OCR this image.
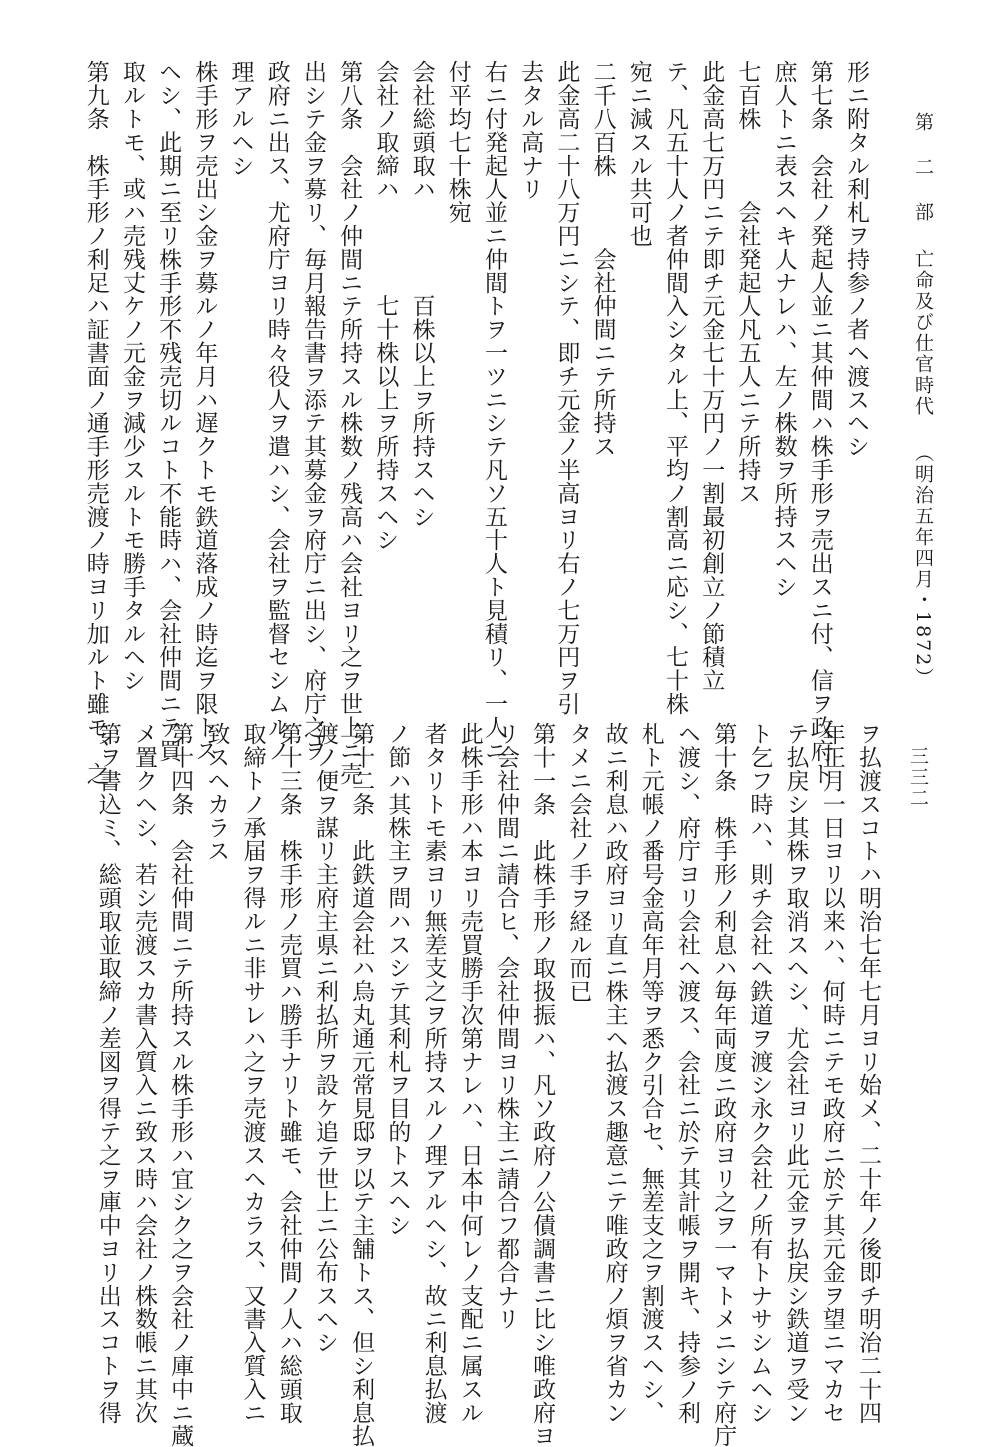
第 二 部亡命及び仕官時代（明治五年四月・1872）
三三二
形ニ附タル利札ヲ持参ノ者ヘ渡スヘシ
第七条　会社ノ発起人並ニ其仲間ハ株手形ヲ売出スニ付、信ヲ政府ト
庶人トニ表スヘキ人ナレハ、左ノ株数ヲ所持スヘシ
七百株　　　会社発起人凡五人ニテ所持ス
此金高七万円ニテ即チ元金七十万円ノ一割最初創立ノ節積立
テ、凡五十人ノ者仲間入シタル上、平均ノ割高ニ応シ、七十株
宛ニ減スル共可也
二千八百株　　　会社仲間ニテ所持ス
此金高二十八万円ニシテ、即チ元金ノ半高ヨリ右ノ七万円ヲ引
去タル高ナリ
右ニ付発起人並ニ仲間トヲ一ツニシテ凡ソ五十人ト見積リ、一人ニ
付平均七十株宛
会社総頭取ハ　　　　百株以上ヲ所持スヘシ
会社ノ取締ハ　　　　七十株以上ヲ所持スヘシ
第八条　会社ノ仲間ニテ所持スル株数ノ残高ハ会社ヨリ之ヲ世上ニ売
出シテ金ヲ募リ、毎月報告書ヲ添テ其募金ヲ府庁ニ出シ、府庁之ヲ
政府ニ出ス、尤府庁ヨリ時々役人ヲ遣ハシ、会社ヲ監督セシムルノ
理アルヘシ
株手形ヲ売出シ金ヲ募ルノ年月ハ遅クトモ鉄道落成ノ時迄ヲ限トス
ヘシ、此期ニ至リ株手形不残売切ルコト不能時ハ、会社仲間ニテ買
取ルトモ、或ハ売残丈ケノ元金ヲ減少スルトモ勝手タルヘシ
第九条　株手形ノ利足ハ証書面ノ通手形売渡ノ時ヨリ加ルト雖モ、之
ヲ払渡スコトハ明治七年七月ヨリ始メ、二十年ノ後即チ明治二十四
年正月一日ヨリ以来ハ、何時ニテモ政府ニ於テ其元金ヲ望ニマカセ
テ払戻シ其株ヲ取消スヘシ、尤会社ヨリ此元金ヲ払戻シ鉄道ヲ受ン
ト乞フ時ハ、則チ会社ヘ鉄道ヲ渡シ永ク会社ノ所有トナサシムヘシ
第十条　株手形ノ利息ハ毎年両度ニ政府ヨリ之ヲ一マトメニシテ府庁
ヘ渡シ、府庁ヨリ会社ヘ渡ス、会社ニ於テ其計帳ヲ開キ、持参ノ利
札ト元帳ノ番号金高年月等ヲ悉ク引合セ、無差支之ヲ割渡スヘシ、
故ニ利息ハ政府ヨリ直ニ株主ヘ払渡ス趣意ニテ唯政府ノ煩ヲ省カン
タメニ会社ノ手ヲ経ル而已
第十一条　此株手形ノ取扱振ハ、凡ソ政府ノ公債調書ニ比シ唯政府ヨ
リ会社仲間ニ請合ヒ、会社仲間ヨリ株主ニ請合フ都合ナリ
此株手形ハ本ヨリ売買勝手次第ナレハ、日本中何レノ支配ニ属スル
者タリトモ素ヨリ無差支之ヲ所持スルノ理アルヘシ、故ニ利息払渡
ノ節ハ其株主ヲ問ハスシテ其利札ヲ目的トスヘシ
第十二条　此鉄道会社ハ烏丸通元常見邸ヲ以テ主舗トス、但シ利息払
渡ノ便ヲ謀リ主府主県ニ利払所ヲ設ケ追テ世上ニ公布スヘシ
第十三条　株手形ノ売買ハ勝手ナリト雖モ、会社仲間ノ人ハ総頭取
取締トノ承届ヲ得ルニ非サレハ之ヲ売渡スヘカラス、又書入質入ニ
致スヘカラス
第十四条　会社仲間ニテ所持スル株手形ハ宜シク之ヲ会社ノ庫中ニ蔵
メ置クヘシ、若シ売渡スカ書入質入ニ致ス時ハ会社ノ株数帳ニ其次
第ヲ書込ミ、総頭取並取締ノ差図ヲ得テ之ヲ庫中ヨリ出スコトヲ得
